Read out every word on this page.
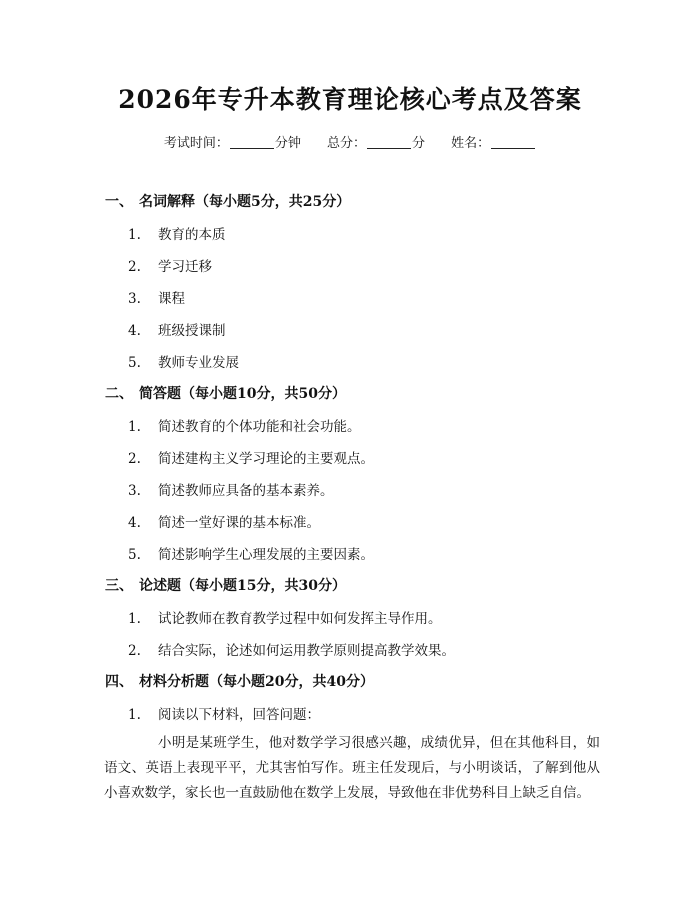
2026年专升本教育理论核心考点及答案
考试时间：	分钟 总分：	分 姓名：
一、 名词解释（每小题5分，共25分）
1. 教育的本质
2. 学习迁移
3. 课程
4. 班级授课制
5. 教师专业发展
二、 简答题（每小题10分，共50分）
1. 简述教育的个体功能和社会功能。
2. 简述建构主义学习理论的主要观点。
3. 简述教师应具备的基本素养。
4. 简述一堂好课的基本标准。
5. 简述影响学生心理发展的主要因素。
三、 论述题（每小题15分，共30分）
1. 试论教师在教育教学过程中如何发挥主导作用。
2. 结合实际，论述如何运用教学原则提高教学效果。
四、 材料分析题（每小题20分，共40分）
1. 阅读以下材料，回答问题：

小明是某班学生，他对数学学习很感兴趣，成绩优异，但在其他科目，如语文、英语上表现平平，尤其害怕写作。班主任发现后，与小明谈话，了解到他从小喜欢数学，家长也一直鼓励他在数学上发展，导致他在非优势科目上缺乏自信。
